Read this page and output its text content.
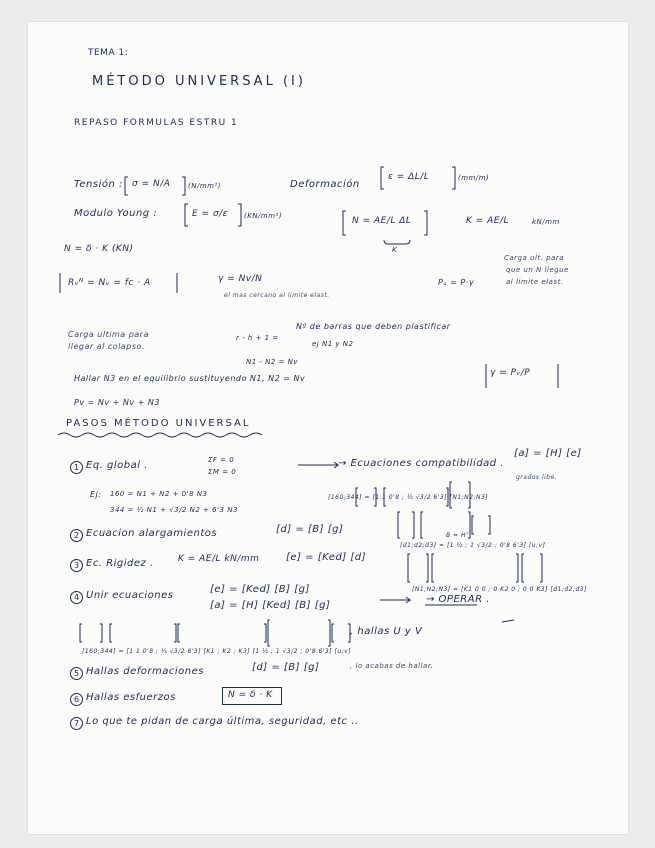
TEMA 1:
MÉTODO UNIVERSAL (I)
REPASO FORMULAS ESTRU 1
Tensión : σ = N/A	(N/mm²)	Deformación
ε = ΔL/L	(mm/m)
Modulo Young :	E = σ/ε (KN/mm²)	N = AE/L ΔL
K
K = AE/L	kN/mm
N = δ · K (KN)
Rᵥᴺ = Nᵥ = fc · A	γ = Nv/N
el mas cercano al limite elast.
Pᵤ = P·γ
Carga ult. para
que un N llegue
al limite elast.
Carga ultima para
llegar al colapso.
r - h + 1 =
Nº de barras que deben plastificar
ej N1 y N2
N1 - N2 = Nv
Hallar N3 en el equilibrio sustituyendo N1, N2 = Nv
γ = Pᵥ/P
Pv = Nv + Nv + N3
PASOS MÉTODO UNIVERSAL
1 Eq. global .	ΣF = 0
ΣM = 0
→ Ecuaciones compatibilidad .
[a] = [H] [e]
Ej: 160 = N1 + N2 + 0'8 N3
344 = ½ N1 + √3/2 N2 + 6'3 N3
[160;344] = [1 1 0'8 ; ½ √3/2 6'3] [N1;N2;N3]
grados libe.
2 Ecuacion alargamientos	[d] = [B] [g]
[d1;d2;d3] = [1 ½ ; 1 √3/2 ; 0'8 6'3] [u;v]
B = Hᵀ
3 Ec. Rigidez .	K = AE/L kN/mm	[e] = [Ked] [d]
[N1;N2;N3] = [K1 0 0 ; 0 K2 0 ; 0 0 K3] [d1;d2;d3]
4 Unir ecuaciones
[e] = [Ked] [B] [g]
[a] = [H] [Ked] [B] [g]
→ OPERAR .
[160;344] = [1 1 0'8 ; ½ √3/2 6'3] [K1 ; K2 ; K3] [1 ½ ; 1 √3/2 ; 0'8 6'3] [u;v]
, hallas U y V
5 Hallas deformaciones	[d] = [B] [g]	, lo acabas de hallar.
6 Hallas esfuerzos	N = δ · K
7 Lo que te pidan de carga última, seguridad, etc ..
